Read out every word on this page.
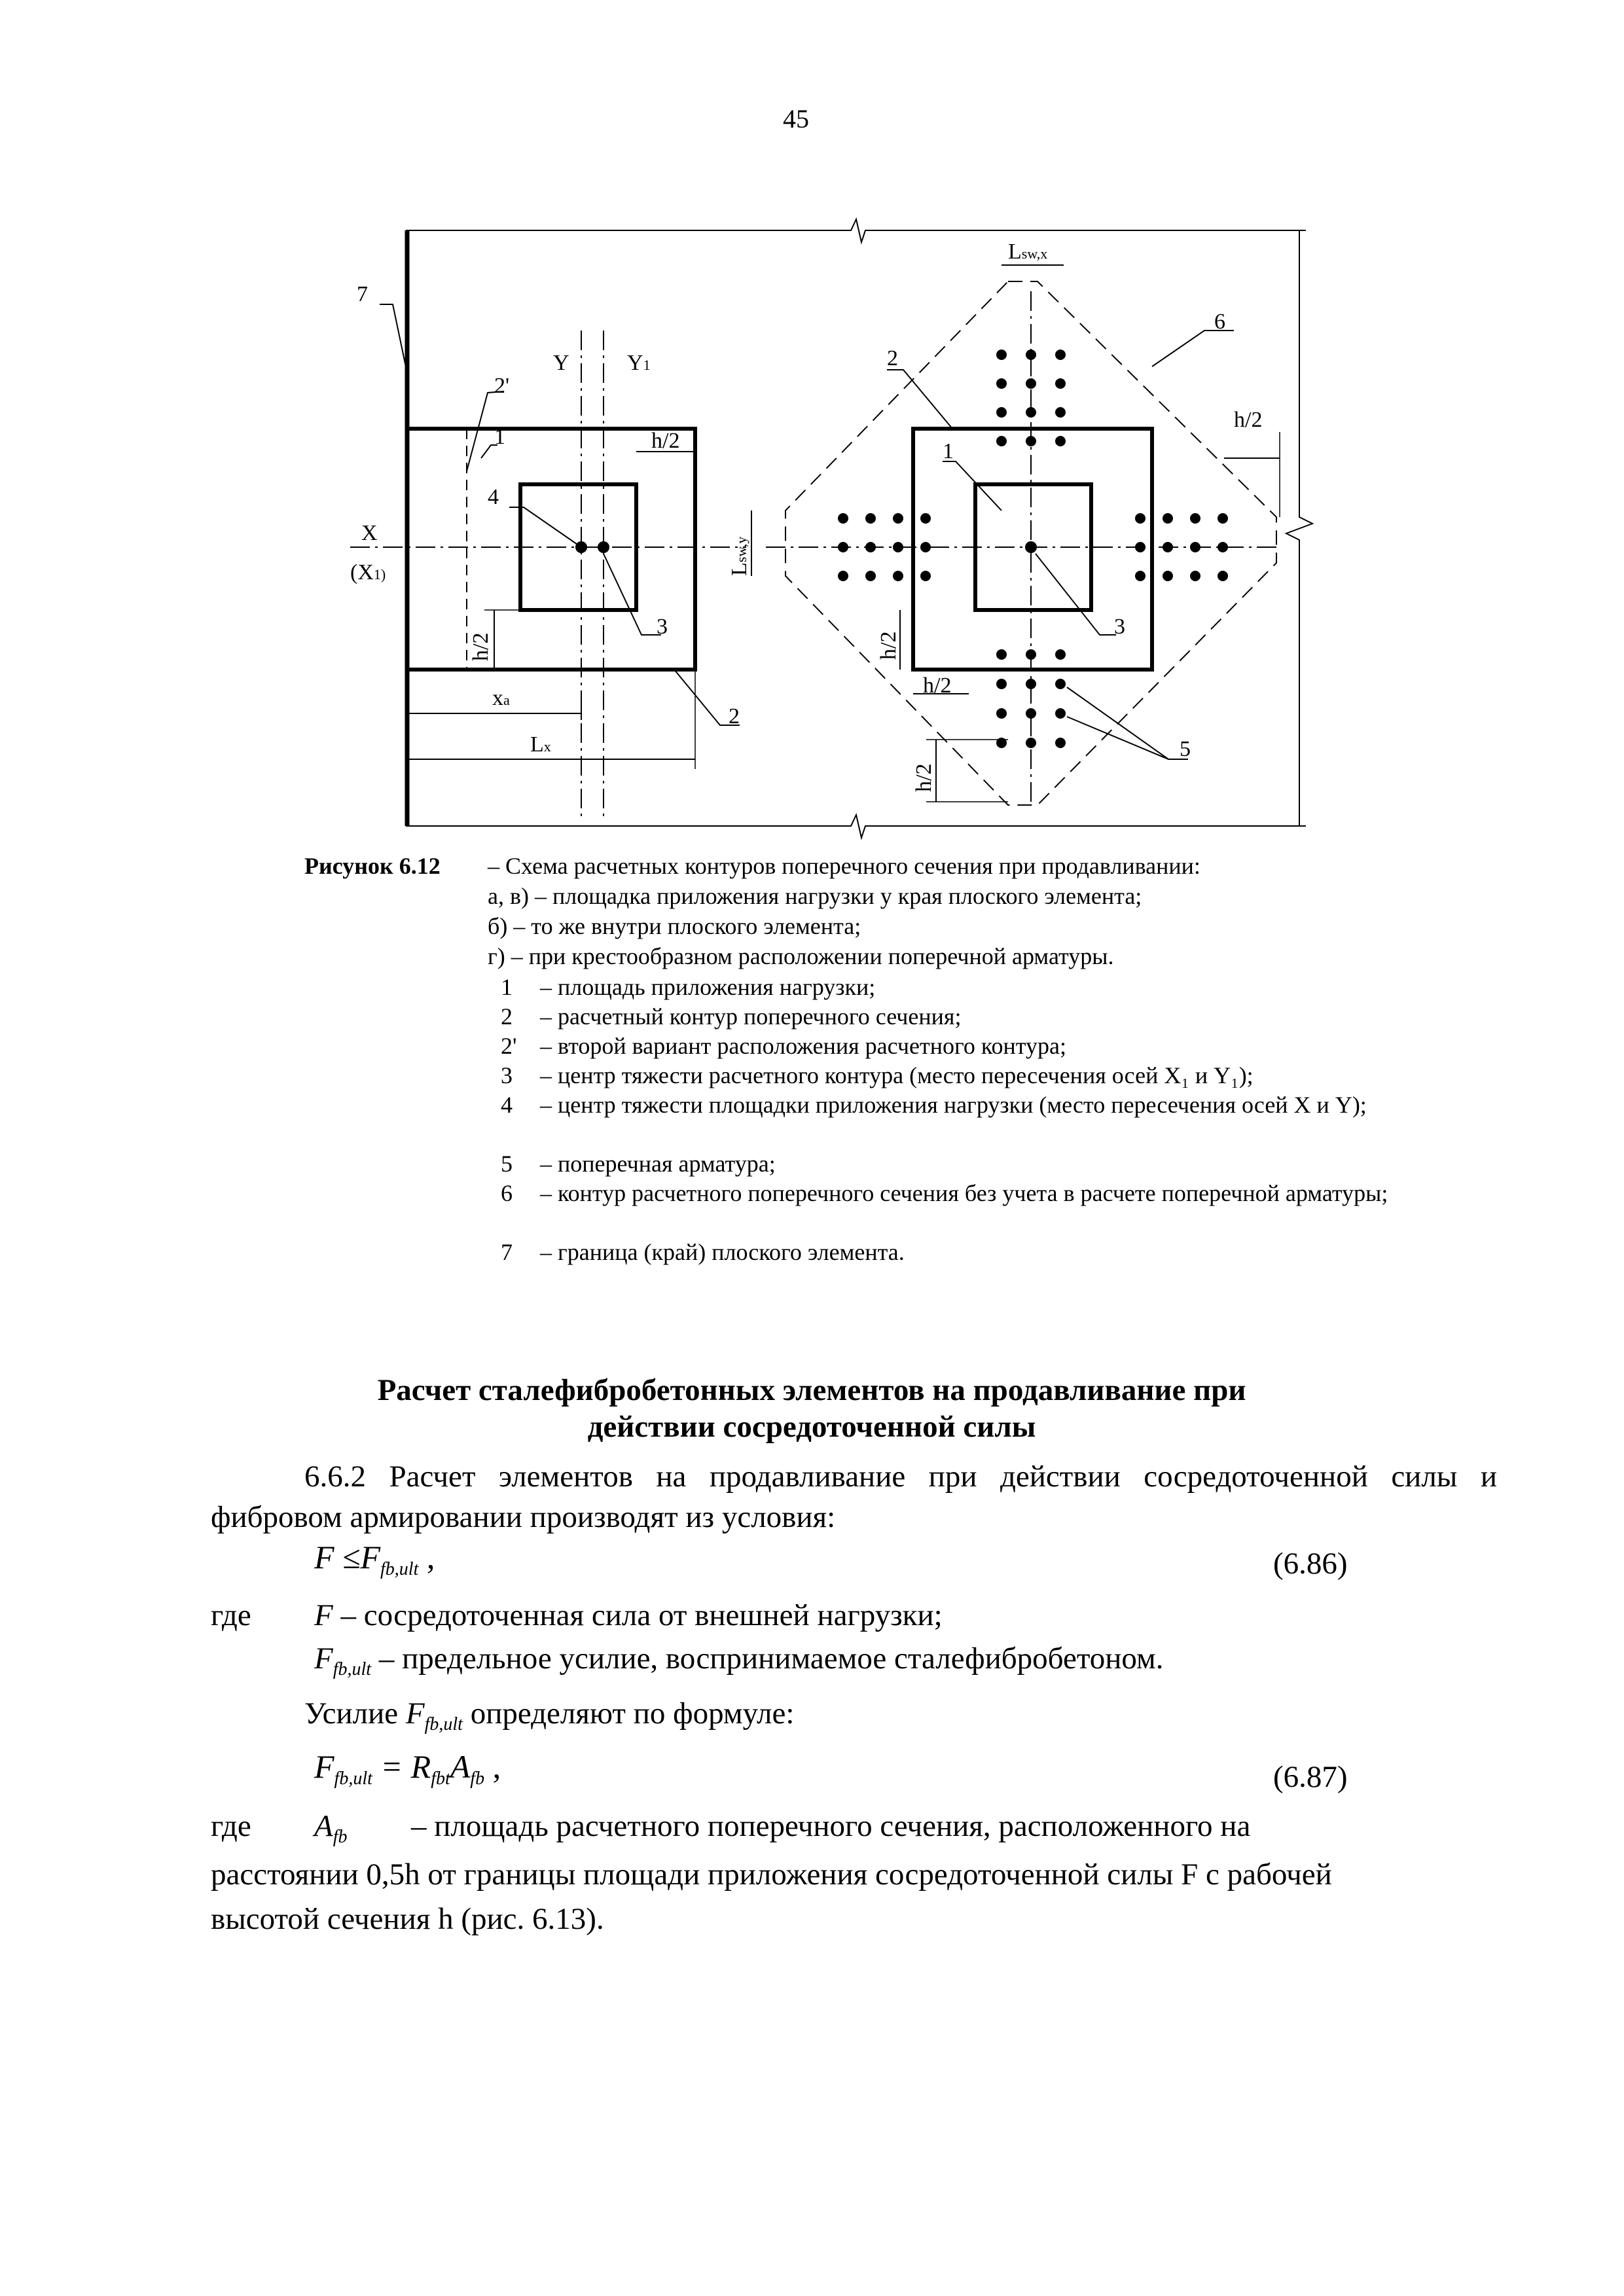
45
7
2'
Y	Y1
1	h/2
4
X
(X1)
3
h/2
xa
2
Lx
Lsw,x
6
2
h/2
1
Lsw,y
h/2
3
h/2
5
h/2
Рисунок 6.12 – Схема расчетных контуров поперечного сечения при продавливании:
а, в) – площадка приложения нагрузки у края плоского элемента;
б) – то же внутри плоского элемента;
г) – при крестообразном расположении поперечной арматуры.
1	– площадь приложения нагрузки;
2	– расчетный контур поперечного сечения;
2' – второй вариант расположения расчетного контура;
3	– центр тяжести расчетного контура (место пересечения осей X₁ и Y₁);
4	– центр тяжести площадки приложения нагрузки (место пересечения осей X и Y);
5	– поперечная арматура;
6	– контур расчетного поперечного сечения без учета в расчете поперечной арматуры;
7	– граница (край) плоского элемента.
Расчет сталефибробетонных элементов на продавливание при действии сосредоточенной силы
6.6.2 Расчет элементов на продавливание при действии сосредоточенной силы и
фибровом армировании производят из условия:
$F \le F_{fb,ult}$ ,	(6.86)
где F – сосредоточенная сила от внешней нагрузки;
$F_{fb,ult}$ – предельное усилие, воспринимаемое сталефибробетоном.
Усилие $F_{fb,ult}$ определяют по формуле:
$F_{fb,ult} = R_{fbt}A_{fb}$ ,	(6.87)
где $A_{fb}$ – площадь расчетного поперечного сечения, расположенного на
расстоянии 0,5h от границы площади приложения сосредоточенной силы F с рабочей
высотой сечения h (рис. 6.13).
